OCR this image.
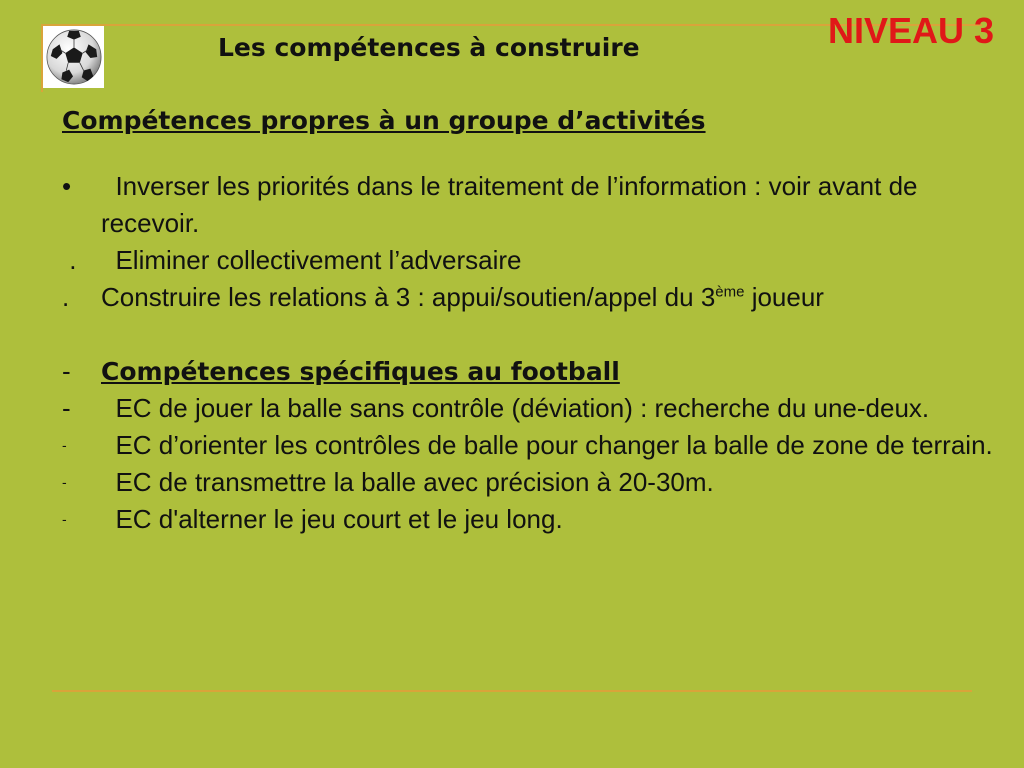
Les compétences à construire	NIVEAU 3
Compétences propres à un groupe d’activités
• Inverser les priorités dans le traitement de l’information : voir avant de recevoir.
. Eliminer collectivement l’adversaire
. Construire les relations à 3 : appui/soutien/appel du 3ème joueur
- Compétences spécifiques au football
- EC de jouer la balle sans contrôle (déviation) : recherche du une-deux.
- EC d’orienter les contrôles de balle pour changer la balle de zone de terrain.
- EC de transmettre la balle avec précision à 20-30m.
- EC d'alterner le jeu court et le jeu long.
